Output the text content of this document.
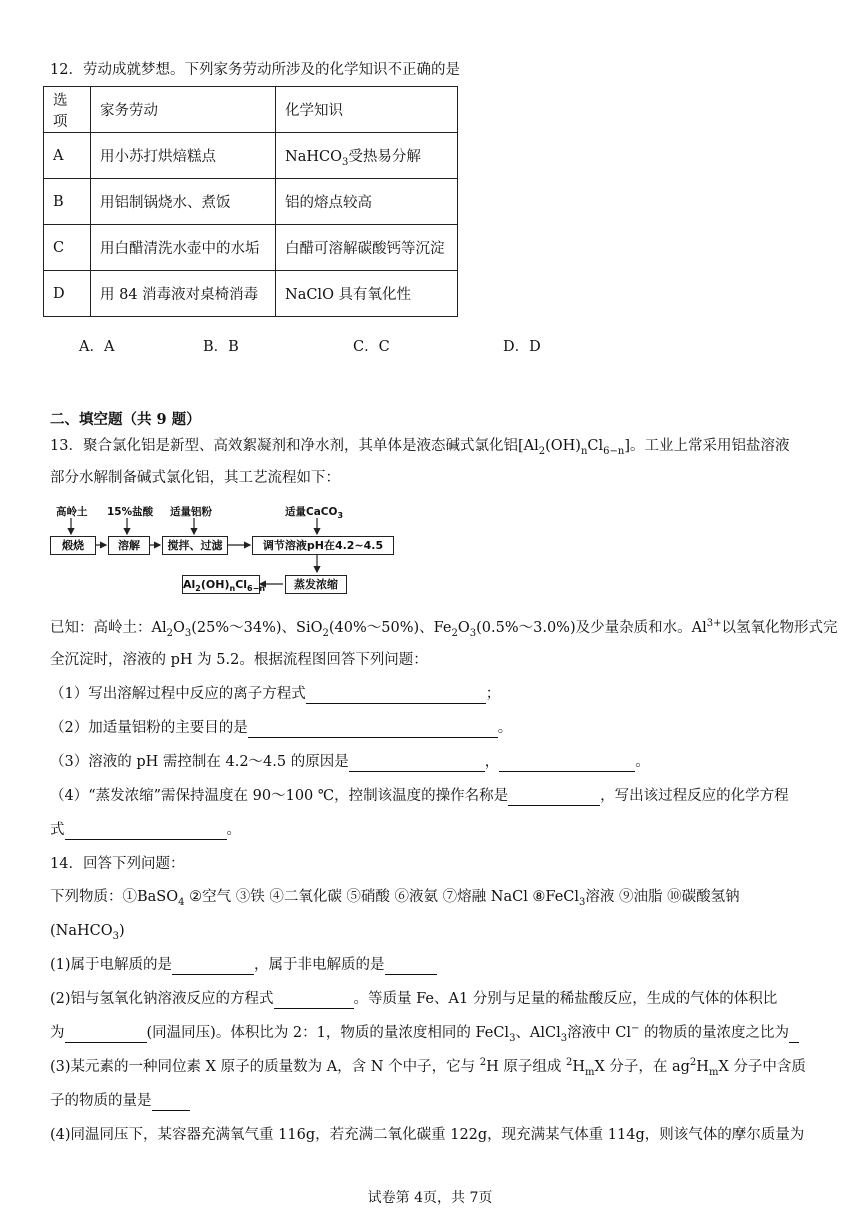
12．劳动成就梦想。下列家务劳动所涉及的化学知识不正确的是
选项	家务劳动	化学知识
A	用小苏打烘焙糕点	NaHCO$_3$受热易分解
B	用铝制锅烧水、煮饭	铝的熔点较高
C	用白醋清洗水壶中的水垢	白醋可溶解碳酸钙等沉淀
D	用 84 消毒液对桌椅消毒	NaClO 具有氧化性
A．A	B．B	C．C	D．D
二、填空题（共 9 题）
13．聚合氯化铝是新型、高效絮凝剂和净水剂，其单体是液态碱式氯化铝$[Al_2(OH)_nCl_{6-n}]$。工业上常采用铝盐溶液
部分水解制备碱式氯化铝，其工艺流程如下：
高岭土 15%盐酸 适量铝粉	适量CaCO$_3$
煅烧	溶解	搅拌、过滤	调节溶液pH在4.2~4.5
蒸发浓缩
$Al_2(OH)_nCl_{6-n}$
已知：高岭土：$Al_2O_3(25\%\sim 34\%)$、SiO$_2$(40%～50%)、$Fe_2O_3(0.5\%\sim 3.0\%)$及少量杂质和水。$Al^{3+}$以氢氧化物形式完
全沉淀时，溶液的 pH 为 5.2。根据流程图回答下列问题：
（1）写出溶解过程中反应的离子方程式	；
（2）加适量铝粉的主要目的是	。
（3）溶液的 pH 需控制在 4.2～4.5 的原因是	，	。
（4）“蒸发浓缩”需保持温度在 90～100 ℃，控制该温度的操作名称是	，写出该过程反应的化学方程
式	。
14．回答下列问题：
下列物质：①BaSO$_4$ ②空气 ③铁 ④二氧化碳 ⑤硝酸 ⑥液氨 ⑦熔融 NaCl ⑧FeCl$_3$溶液 ⑨油脂 ⑩碳酸氢钠
(NaHCO$_3$)
(1)属于电解质的是	，属于非电解质的是
(2)铝与氢氧化钠溶液反应的方程式	。等质量 Fe、A1 分别与足量的稀盐酸反应，生成的气体的体积比
为	(同温同压)。体积比为 2：1，物质的量浓度相同的 FeCl$_3$、AlCl$_3$溶液中 Cl− 的物质的量浓度之比为
(3)某元素的一种同位素 X 原子的质量数为 A，含 N 个中子，它与 $^2$H 原子组成 $^2H_mX$ 分子，在 $ag^2H_mX$ 分子中含质
子的物质的量是
(4)同温同压下，某容器充满氧气重 116g，若充满二氧化碳重 122g，现充满某气体重 114g，则该气体的摩尔质量为
试卷第 4页，共 7页
